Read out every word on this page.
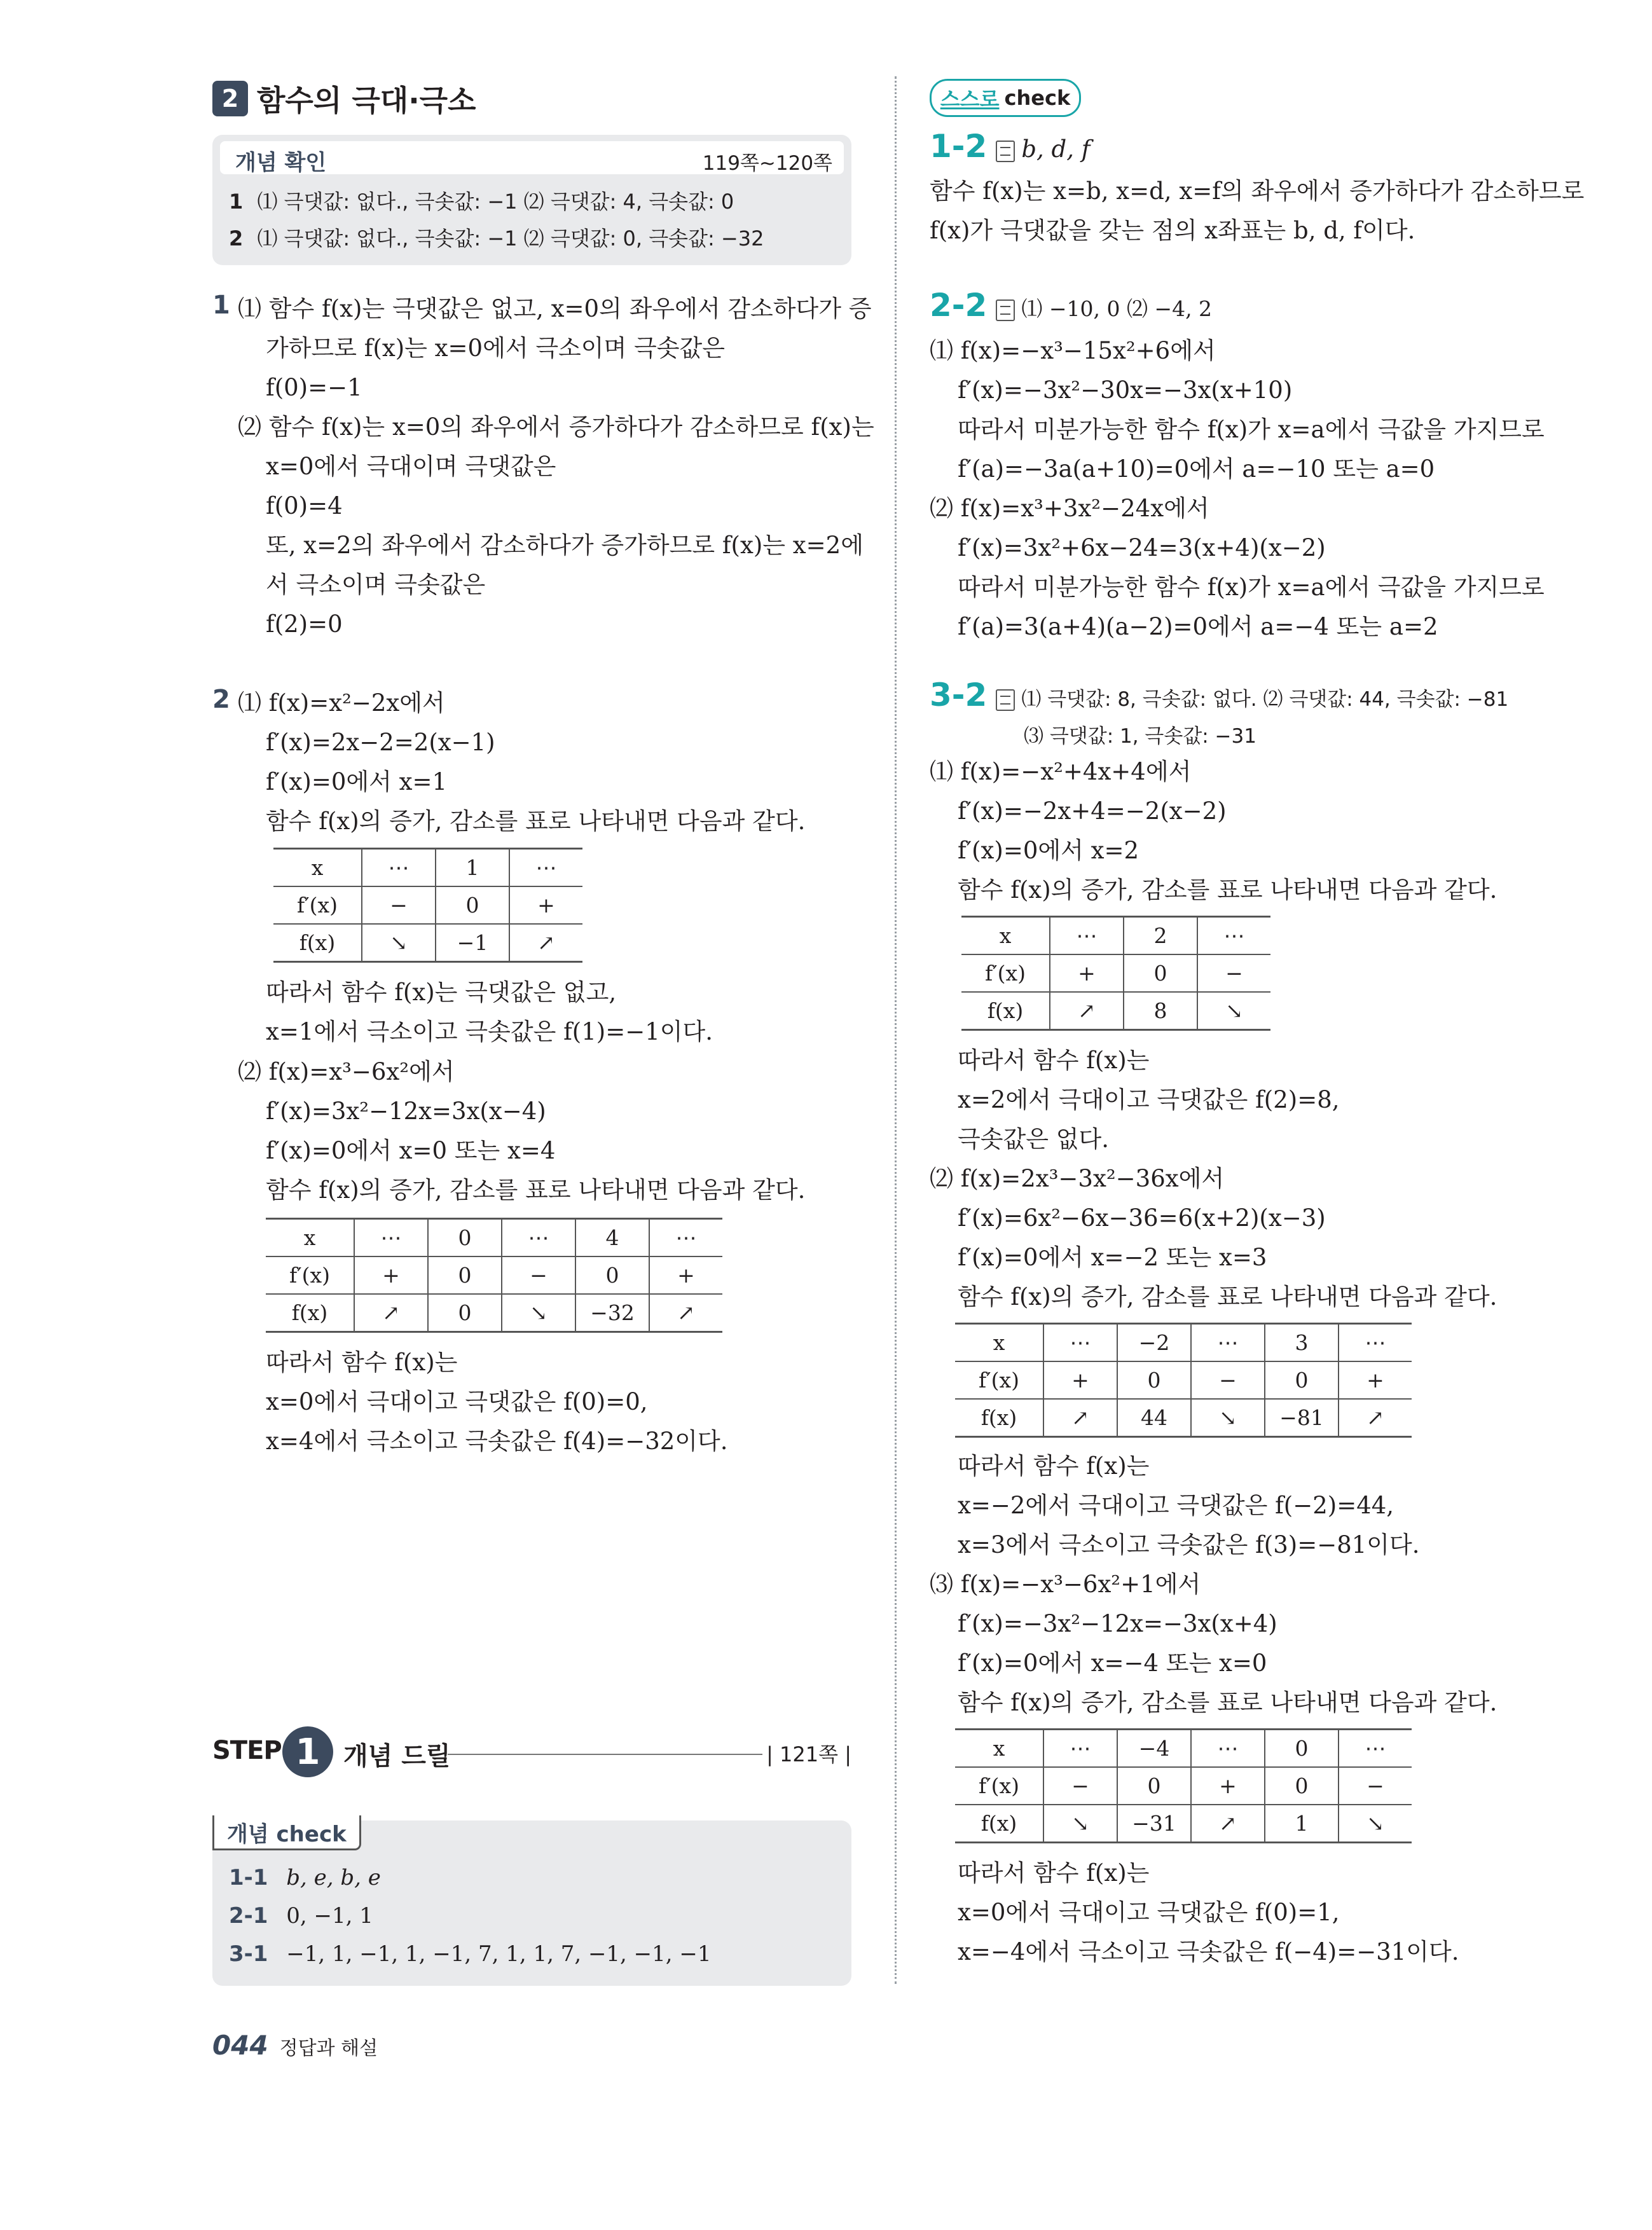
2 함수의 극대·극소
개념 확인	119쪽~120쪽
1 ⑴ 극댓값: 없다., 극솟값: −1 ⑵ 극댓값: 4, 극솟값: 0
2 ⑴ 극댓값: 없다., 극솟값: −1 ⑵ 극댓값: 0, 극솟값: −32
1 ⑴ 함수 f(x)는 극댓값은 없고, x=0의 좌우에서 감소하다가 증
가하므로 f(x)는 x=0에서 극소이며 극솟값은
f(0)=−1
⑵ 함수 f(x)는 x=0의 좌우에서 증가하다가 감소하므로 f(x)는
x=0에서 극대이며 극댓값은
f(0)=4
또, x=2의 좌우에서 감소하다가 증가하므로 f(x)는 x=2에
서 극소이며 극솟값은
f(2)=0
2 ⑴ f(x)=x²−2x에서
f′(x)=2x−2=2(x−1)
f′(x)=0에서 x=1
함수 f(x)의 증가, 감소를 표로 나타내면 다음과 같다.
x	⋯	1	⋯
f′(x)	−	0	+
f(x)	↘	−1	↗
따라서 함수 f(x)는 극댓값은 없고,
x=1에서 극소이고 극솟값은 f(1)=−1이다.
⑵ f(x)=x³−6x²에서
f′(x)=3x²−12x=3x(x−4)
f′(x)=0에서 x=0 또는 x=4
함수 f(x)의 증가, 감소를 표로 나타내면 다음과 같다.
x	⋯	0	⋯	4	⋯
f′(x)	+	0	−	0	+
f(x)	↗	0	↘	−32	↗
따라서 함수 f(x)는
x=0에서 극대이고 극댓값은 f(0)=0,
x=4에서 극소이고 극솟값은 f(4)=−32이다.
STEP 1 개념 드릴	| 121쪽 |
1-1 b, e, b, e
2-1 0, −1, 1
3-1 −1, 1, −1, 1, −1, 7, 1, 1, 7, −1, −1, −1
개념 check
스스로 check
1-2 b, d, f
함수 f(x)는 x=b, x=d, x=f의 좌우에서 증가하다가 감소하므로
f(x)가 극댓값을 갖는 점의 x좌표는 b, d, f이다.
2-2 ⑴ −10, 0 ⑵ −4, 2
⑴ f(x)=−x³−15x²+6에서
f′(x)=−3x²−30x=−3x(x+10)
따라서 미분가능한 함수 f(x)가 x=a에서 극값을 가지므로
f′(a)=−3a(a+10)=0에서 a=−10 또는 a=0
⑵ f(x)=x³+3x²−24x에서
f′(x)=3x²+6x−24=3(x+4)(x−2)
따라서 미분가능한 함수 f(x)가 x=a에서 극값을 가지므로
f′(a)=3(a+4)(a−2)=0에서 a=−4 또는 a=2
3-2 ⑴ 극댓값: 8, 극솟값: 없다. ⑵ 극댓값: 44, 극솟값: −81
⑶ 극댓값: 1, 극솟값: −31
⑴ f(x)=−x²+4x+4에서
f′(x)=−2x+4=−2(x−2)
f′(x)=0에서 x=2
함수 f(x)의 증가, 감소를 표로 나타내면 다음과 같다.
x	⋯	2	⋯
f′(x)	+	0	−
f(x)	↗	8	↘
따라서 함수 f(x)는
x=2에서 극대이고 극댓값은 f(2)=8,
극솟값은 없다.
⑵ f(x)=2x³−3x²−36x에서
f′(x)=6x²−6x−36=6(x+2)(x−3)
f′(x)=0에서 x=−2 또는 x=3
함수 f(x)의 증가, 감소를 표로 나타내면 다음과 같다.
x	⋯	−2	⋯	3	⋯
f′(x)	+	0	−	0	+
f(x)	↗	44	↘	−81	↗
따라서 함수 f(x)는
x=−2에서 극대이고 극댓값은 f(−2)=44,
x=3에서 극소이고 극솟값은 f(3)=−81이다.
⑶ f(x)=−x³−6x²+1에서
f′(x)=−3x²−12x=−3x(x+4)
f′(x)=0에서 x=−4 또는 x=0
함수 f(x)의 증가, 감소를 표로 나타내면 다음과 같다.
x	⋯	−4	⋯	0	⋯
f′(x)	−	0	+	0	−
f(x)	↘	−31	↗	1	↘
따라서 함수 f(x)는
x=0에서 극대이고 극댓값은 f(0)=1,
x=−4에서 극소이고 극솟값은 f(−4)=−31이다.
044 정답과 해설
